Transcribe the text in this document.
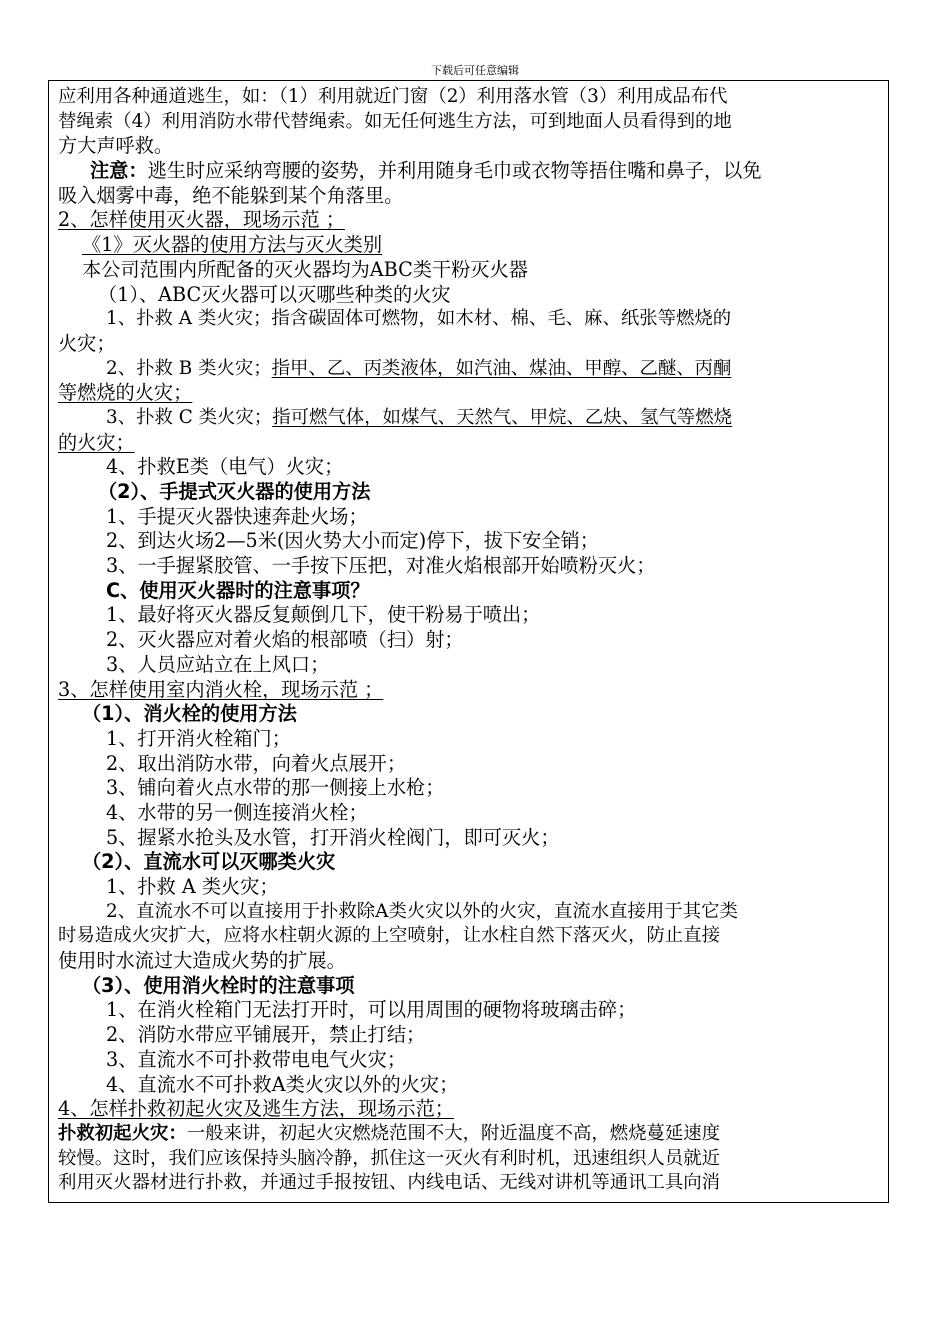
下载后可任意编辑
应利用各种通道逃生，如：（1）利用就近门窗（2）利用落水管（3）利用成品布代
替绳索（4）利用消防水带代替绳索。如无任何逃生方法，可到地面人员看得到的地
方大声呼救。
注意：逃生时应采纳弯腰的姿势，并利用随身毛巾或衣物等捂住嘴和鼻子，以免
吸入烟雾中毒，绝不能躲到某个角落里。
2、怎样使用灭火器，现场示范 ；
《1》灭火器的使用方法与灭火类别
本公司范围内所配备的灭火器均为ABC类干粉灭火器
（1）、ABC灭火器可以灭哪些种类的火灾
1、扑救 A 类火灾；指含碳固体可燃物，如木材、棉、毛、麻、纸张等燃烧的
火灾；
2、扑救 B 类火灾；指甲、乙、丙类液体，如汽油、煤油、甲醇、乙醚、丙酮
等燃烧的火灾；
3、扑救 C 类火灾；指可燃气体，如煤气、天然气、甲烷、乙炔、氢气等燃烧
的火灾；
4、扑救E类（电气）火灾；
（2）、手提式灭火器的使用方法
1、手提灭火器快速奔赴火场；
2、到达火场2—5米(因火势大小而定)停下，拔下安全销；
3、一手握紧胶管、一手按下压把，对准火焰根部开始喷粉灭火；
C、使用灭火器时的注意事项？
1、最好将灭火器反复颠倒几下，使干粉易于喷出；
2、灭火器应对着火焰的根部喷（扫）射；
3、人员应站立在上风口；
3、怎样使用室内消火栓，现场示范 ；
（1）、消火栓的使用方法
1、打开消火栓箱门；
2、取出消防水带，向着火点展开；
3、铺向着火点水带的那一侧接上水枪；
4、水带的另一侧连接消火栓；
5、握紧水抢头及水管，打开消火栓阀门，即可灭火；
（2）、直流水可以灭哪类火灾
1、扑救 A 类火灾；
2、直流水不可以直接用于扑救除A类火灾以外的火灾，直流水直接用于其它类
时易造成火灾扩大，应将水柱朝火源的上空喷射，让水柱自然下落灭火，防止直接
使用时水流过大造成火势的扩展。
（3）、使用消火栓时的注意事项
1、在消火栓箱门无法打开时，可以用周围的硬物将玻璃击碎；
2、消防水带应平铺展开，禁止打结；
3、直流水不可扑救带电电气火灾；
4、直流水不可扑救A类火灾以外的火灾；
4、怎样扑救初起火灾及逃生方法，现场示范；
扑救初起火灾：一般来讲，初起火灾燃烧范围不大，附近温度不高，燃烧蔓延速度
较慢。这时，我们应该保持头脑冷静，抓住这一灭火有利时机，迅速组织人员就近
利用灭火器材进行扑救，并通过手报按钮、内线电话、无线对讲机等通讯工具向消
